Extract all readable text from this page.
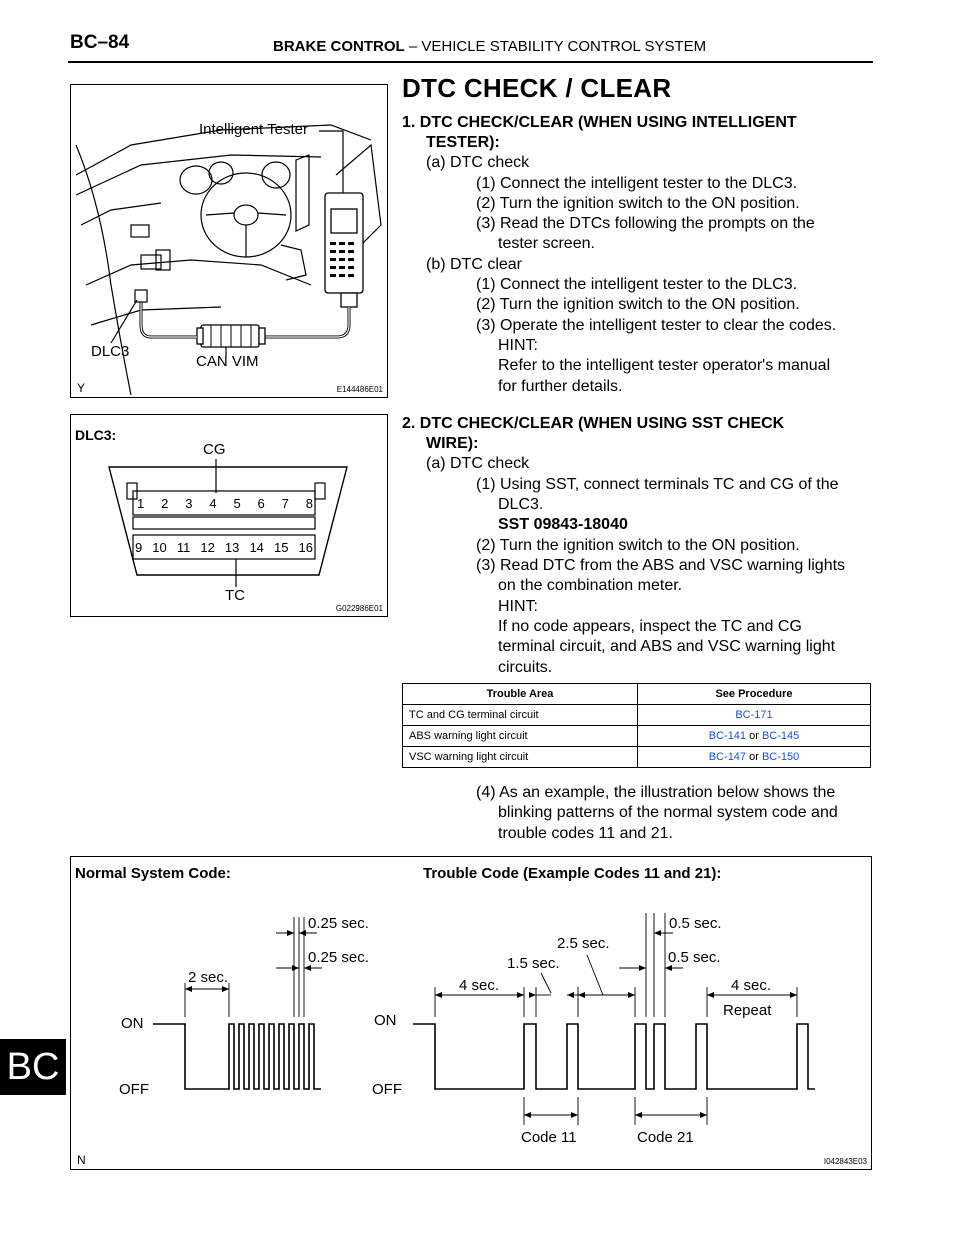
BC–84	BRAKE CONTROL – VEHICLE STABILITY CONTROL SYSTEM
BC
Intelligent Tester
DLC3
CAN VIM
Y	E144486E01
DLC3:
CG
TC
1 2 3 4 5 6 7 8
9 10 11 12 13 14 15 16
G022986E01
DTC CHECK / CLEAR
1. DTC CHECK/CLEAR (WHEN USING INTELLIGENT
TESTER):
(a) DTC check
(1) Connect the intelligent tester to the DLC3.
(2) Turn the ignition switch to the ON position.
(3) Read the DTCs following the prompts on the
tester screen.
(b) DTC clear
(1) Connect the intelligent tester to the DLC3.
(2) Turn the ignition switch to the ON position.
(3) Operate the intelligent tester to clear the codes.
HINT:
Refer to the intelligent tester operator's manual
for further details.
2. DTC CHECK/CLEAR (WHEN USING SST CHECK
WIRE):
(a) DTC check
(1) Using SST, connect terminals TC and CG of the
DLC3.
SST 09843-18040
(2) Turn the ignition switch to the ON position.
(3) Read DTC from the ABS and VSC warning lights
on the combination meter.
HINT:
If no code appears, inspect the TC and CG
terminal circuit, and ABS and VSC warning light
circuits.
Trouble Area	See Procedure
TC and CG terminal circuit	BC-171
ABS warning light circuit	BC-141 or BC-145
VSC warning light circuit	BC-147 or BC-150
(4) As an example, the illustration below shows the
blinking patterns of the normal system code and
trouble codes 11 and 21.
Normal System Code:	Trouble Code (Example Codes 11 and 21):
0.25 sec.
0.25 sec.
2 sec.
ON
OFF
ON
OFF
4 sec.
1.5 sec.
2.5 sec.
0.5 sec.
0.5 sec.
4 sec.
Repeat
Code 11	Code 21
N	I042843E03
